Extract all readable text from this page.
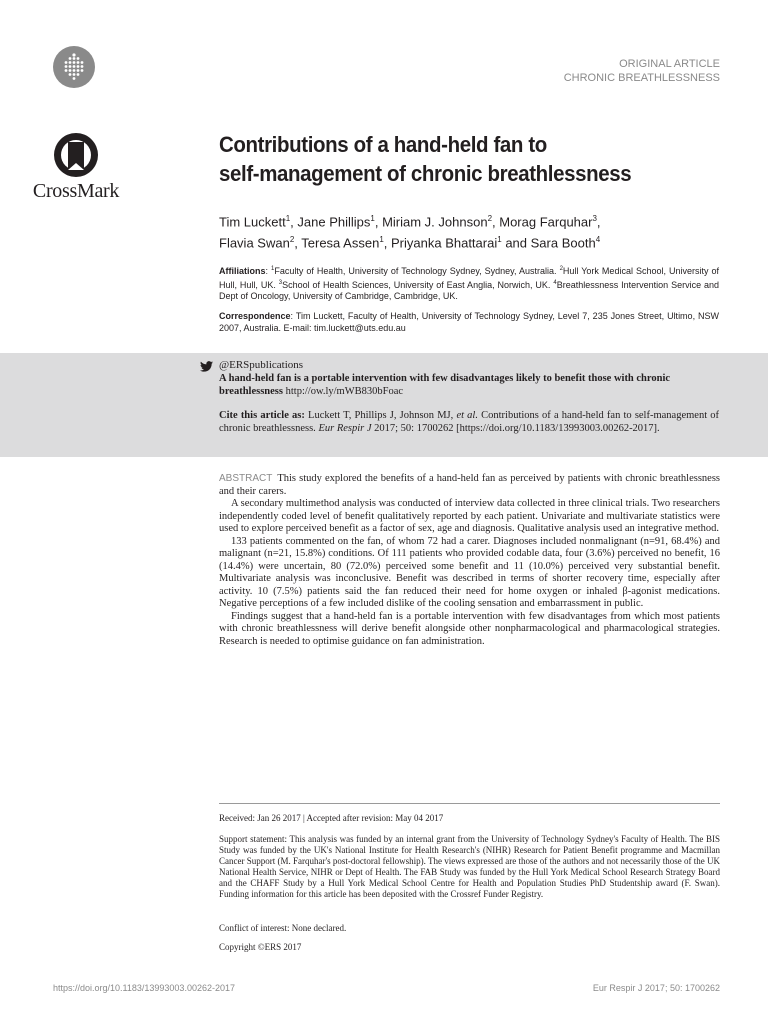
CrossMark
ORIGINAL ARTICLE
CHRONIC BREATHLESSNESS
Contributions of a hand-held fan to
self-management of chronic breathlessness
Tim Luckett$^1$, Jane Phillips$^1$, Miriam J. Johnson$^2$, Morag Farquhar$^3$,
Flavia Swan$^2$, Teresa Assen$^1$, Priyanka Bhattarai$^1$ and Sara Booth$^4$
Affiliations: $^1$Faculty of Health, University of Technology Sydney, Sydney, Australia. $^2$Hull York Medical School, University of Hull, Hull, UK. $^3$School of Health Sciences, University of East Anglia, Norwich, UK. $^4$Breathlessness Intervention Service and Dept of Oncology, University of Cambridge, Cambridge, UK.
Correspondence: Tim Luckett, Faculty of Health, University of Technology Sydney, Level 7, 235 Jones Street, Ultimo, NSW 2007, Australia. E-mail: tim.luckett@uts.edu.au
@ERSpublications
A hand-held fan is a portable intervention with few disadvantages likely to benefit those with chronic breathlessness http://ow.ly/mWB830bFoac
Cite this article as: Luckett T, Phillips J, Johnson MJ, et al. Contributions of a hand-held fan to self-management of chronic breathlessness. Eur Respir J 2017; 50: 1700262 [https://doi.org/10.1183/13993003.00262-2017].

ABSTRACT This study explored the benefits of a hand-held fan as perceived by patients with chronic breathlessness and their carers.

A secondary multimethod analysis was conducted of interview data collected in three clinical trials. Two researchers independently coded level of benefit qualitatively reported by each patient. Univariate and multivariate statistics were used to explore perceived benefit as a factor of sex, age and diagnosis. Qualitative analysis used an integrative method.

133 patients commented on the fan, of whom 72 had a carer. Diagnoses included nonmalignant (n=91, 68.4%) and malignant (n=21, 15.8%) conditions. Of 111 patients who provided codable data, four (3.6%) perceived no benefit, 16 (14.4%) were uncertain, 80 (72.0%) perceived some benefit and 11 (10.0%) perceived very substantial benefit. Multivariate analysis was inconclusive. Benefit was described in terms of shorter recovery time, especially after activity. 10 (7.5%) patients said the fan reduced their need for home oxygen or inhaled β-agonist medications. Negative perceptions of a few included dislike of the cooling sensation and embarrassment in public.

Findings suggest that a hand-held fan is a portable intervention with few disadvantages from which most patients with chronic breathlessness will derive benefit alongside other nonpharmacological and pharmacological strategies. Research is needed to optimise guidance on fan administration.

Received: Jan 26 2017 | Accepted after revision: May 04 2017
Support statement: This analysis was funded by an internal grant from the University of Technology Sydney's Faculty of Health. The BIS Study was funded by the UK's National Institute for Health Research's (NIHR) Research for Patient Benefit programme and Macmillan Cancer Support (M. Farquhar's post-doctoral fellowship). The views expressed are those of the authors and not necessarily those of the UK National Health Service, NIHR or Dept of Health. The FAB Study was funded by the Hull York Medical School Research Strategy Board and the CHAFF Study by a Hull York Medical School Centre for Health and Population Studies PhD Studentship award (F. Swan). Funding information for this article has been deposited with the Crossref Funder Registry.
Conflict of interest: None declared.
Copyright ©ERS 2017
https://doi.org/10.1183/13993003.00262-2017	Eur Respir J 2017; 50: 1700262
